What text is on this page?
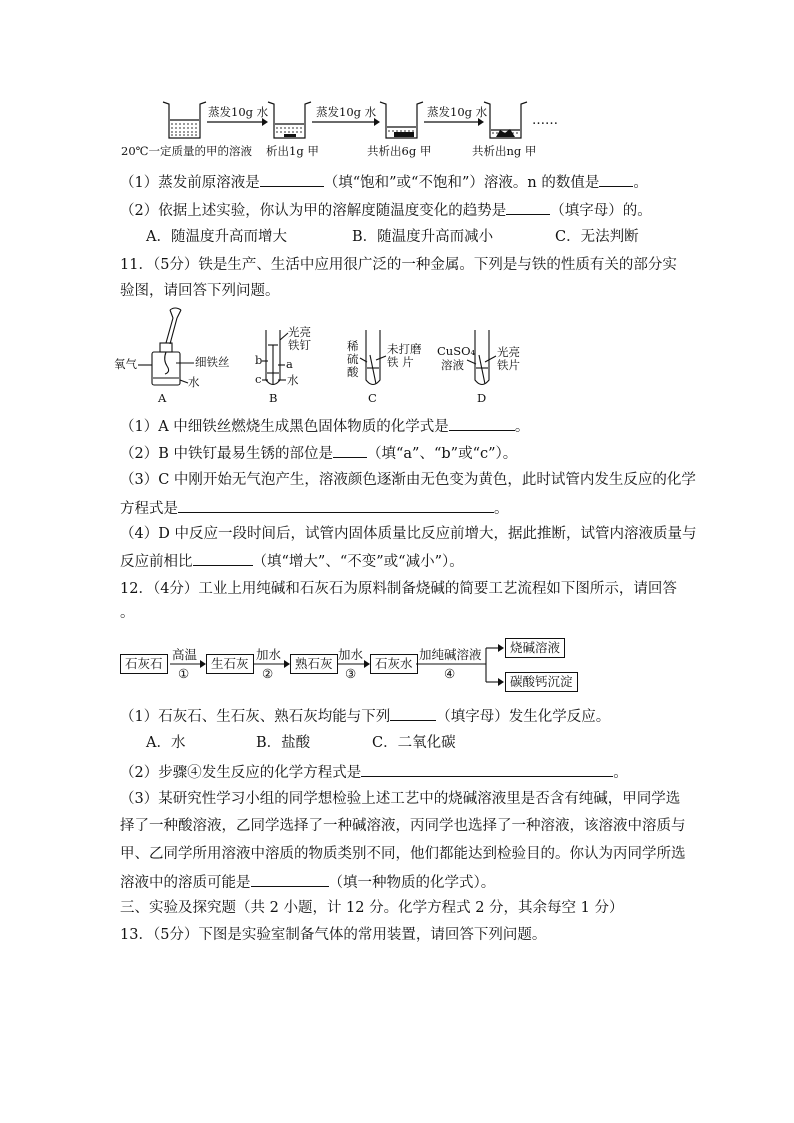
蒸发10g 水	蒸发10g 水	蒸发10g 水
……
20℃一定质量的甲的溶液 析出1g 甲	共析出6g 甲	共析出ng 甲
（1）蒸发前原溶液是	（填“饱和”或“不饱和”）溶液。n 的数值是 。
（2）依据上述实验，你认为甲的溶解度随温度变化的趋势是	（填字母）的。
A．随温度升高而增大	B．随温度升高而减小	C．无法判断
11．（5分）铁是生产、生活中应用很广泛的一种金属。下列是与铁的性质有关的部分实
验图，请回答下列问题。
氧气	细铁丝
水
A
光亮
铁钉
b a
c 水
B
稀
硫
酸
未打磨
铁 片
C
CuSO₄
溶液
光亮
铁片
D
（1）A 中细铁丝燃烧生成黑色固体物质的化学式是	。
（2）B 中铁钉最易生锈的部位是 （填“a”、“b”或“c”）。
（3）C 中刚开始无气泡产生，溶液颜色逐渐由无色变为黄色，此时试管内发生反应的化学
方程式是	。
（4）D 中反应一段时间后，试管内固体质量比反应前增大，据此推断，试管内溶液质量与
反应前相比	（填“增大”、“不变”或“减小”）。
12．（4分）工业上用纯碱和石灰石为原料制备烧碱的简要工艺流程如下图所示，请回答
。
石灰石	生石灰	熟石灰	石灰水
烧碱溶液
碳酸钙沉淀
高温
①
加水
②
加水
③
加纯碱溶液
④
（1）石灰石、生石灰、熟石灰均能与下列	（填字母）发生化学反应。
A．水	B．盐酸	C．二氧化碳
（2）步骤④发生反应的化学方程式是	。
（3）某研究性学习小组的同学想检验上述工艺中的烧碱溶液里是否含有纯碱，甲同学选
择了一种酸溶液，乙同学选择了一种碱溶液，丙同学也选择了一种溶液，该溶液中溶质与
甲、乙同学所用溶液中溶质的物质类别不同，他们都能达到检验目的。你认为丙同学所选
溶液中的溶质可能是	（填一种物质的化学式）。
三、实验及探究题（共 2 小题，计 12 分。化学方程式 2 分，其余每空 1 分）
13．（5分）下图是实验室制备气体的常用装置，请回答下列问题。
